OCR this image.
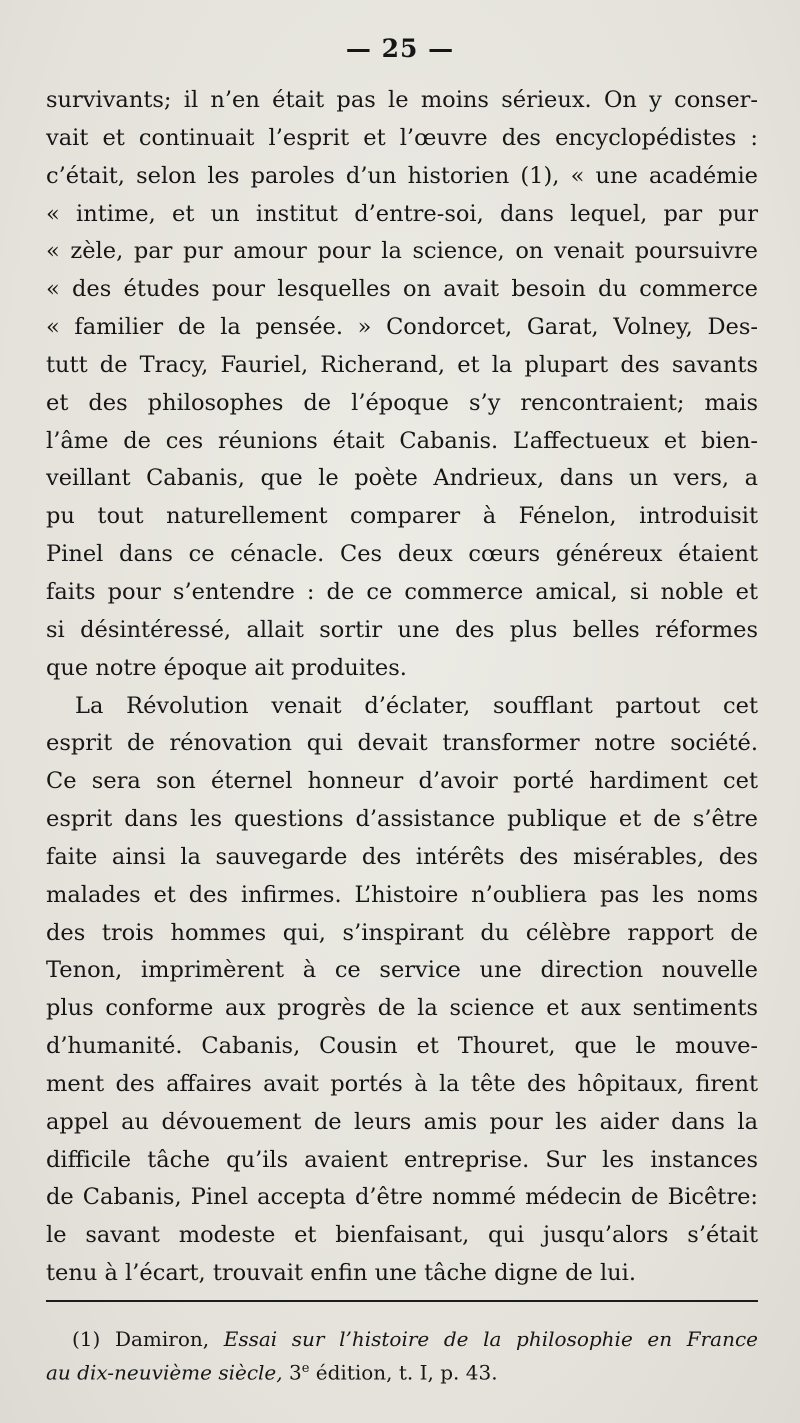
— 25 —
survivants; il n’en était pas le moins sérieux. On y conser-
vait et continuait l’esprit et l’œuvre des encyclopédistes :
c’était, selon les paroles d’un historien (1), « une académie
« intime, et un institut d’entre-soi, dans lequel, par pur
« zèle, par pur amour pour la science, on venait poursuivre
« des études pour lesquelles on avait besoin du commerce
« familier de la pensée. » Condorcet, Garat, Volney, Des-
tutt de Tracy, Fauriel, Richerand, et la plupart des savants
et des philosophes de l’époque s’y rencontraient; mais
l’âme de ces réunions était Cabanis. L’affectueux et bien-
veillant Cabanis, que le poète Andrieux, dans un vers, a
pu tout naturellement comparer à Fénelon, introduisit
Pinel dans ce cénacle. Ces deux cœurs généreux étaient
faits pour s’entendre : de ce commerce amical, si noble et
si désintéressé, allait sortir une des plus belles réformes
que notre époque ait produites.
La Révolution venait d’éclater, soufflant partout cet
esprit de rénovation qui devait transformer notre société.
Ce sera son éternel honneur d’avoir porté hardiment cet
esprit dans les questions d’assistance publique et de s’être
faite ainsi la sauvegarde des intérêts des misérables, des
malades et des infirmes. L’histoire n’oubliera pas les noms
des trois hommes qui, s’inspirant du célèbre rapport de
Tenon, imprimèrent à ce service une direction nouvelle
plus conforme aux progrès de la science et aux sentiments
d’humanité. Cabanis, Cousin et Thouret, que le mouve-
ment des affaires avait portés à la tête des hôpitaux, firent
appel au dévouement de leurs amis pour les aider dans la
difficile tâche qu’ils avaient entreprise. Sur les instances
de Cabanis, Pinel accepta d’être nommé médecin de Bicêtre:
le savant modeste et bienfaisant, qui jusqu’alors s’était
tenu à l’écart, trouvait enfin une tâche digne de lui.
(1) Damiron, Essai sur l’histoire de la philosophie en France
au dix-neuvième siècle, 3e édition, t. I, p. 43.
